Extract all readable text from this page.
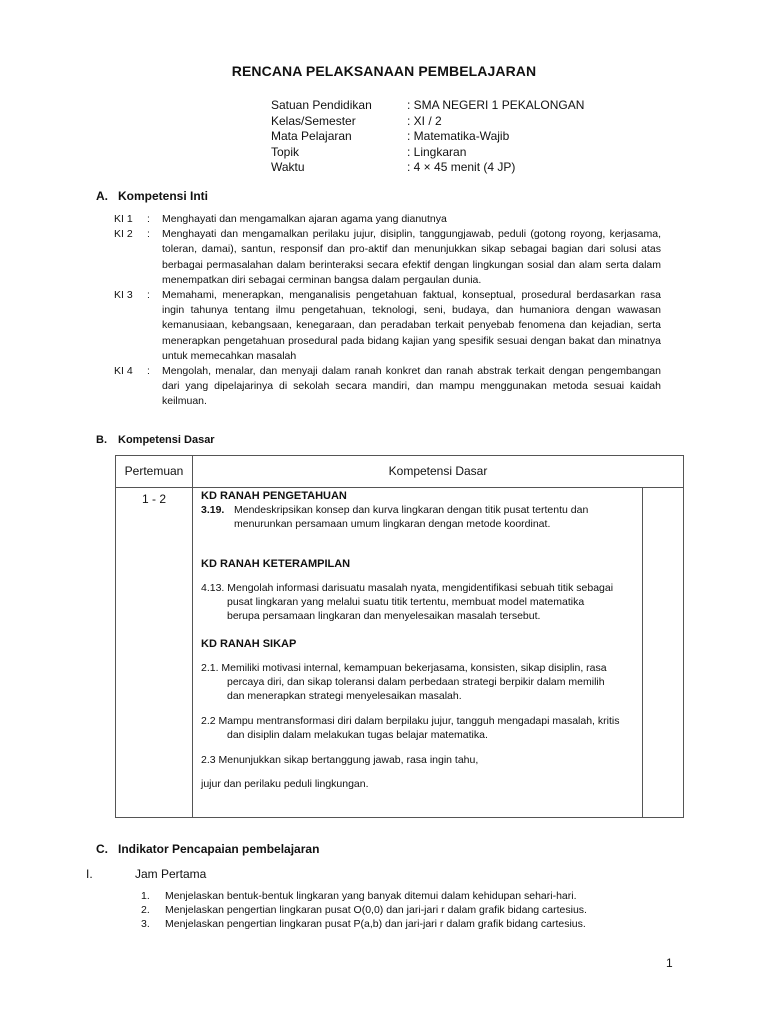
RENCANA PELAKSANAAN PEMBELAJARAN
Satuan Pendidikan	: SMA NEGERI 1 PEKALONGAN
Kelas/Semester	: XI / 2
Mata Pelajaran	: Matematika-Wajib
Topik	: Lingkaran
Waktu	: 4 × 45 menit (4 JP)
A. Kompetensi Inti
KI 1	:	Menghayati dan mengamalkan ajaran agama yang dianutnya
KI 2	:	Menghayati dan mengamalkan perilaku jujur, disiplin, tanggungjawab, peduli (gotong royong, kerjasama, toleran, damai), santun, responsif dan pro-aktif dan menunjukkan sikap sebagai bagian dari solusi atas berbagai permasalahan dalam berinteraksi secara efektif dengan lingkungan sosial dan alam serta dalam menempatkan diri sebagai cerminan bangsa dalam pergaulan dunia.
KI 3	:	Memahami, menerapkan, menganalisis pengetahuan faktual, konseptual, prosedural berdasarkan rasa ingin tahunya tentang ilmu pengetahuan, teknologi, seni, budaya, dan humaniora dengan wawasan kemanusiaan, kebangsaan, kenegaraan, dan peradaban terkait penyebab fenomena dan kejadian, serta menerapkan pengetahuan prosedural pada bidang kajian yang spesifik sesuai dengan bakat dan minatnya untuk memecahkan masalah
KI 4	:	Mengolah, menalar, dan menyaji dalam ranah konkret dan ranah abstrak terkait dengan pengembangan dari yang dipelajarinya di sekolah secara mandiri, dan mampu menggunakan metoda sesuai kaidah keilmuan.
B. Kompetensi Dasar
Pertemuan	Kompetensi Dasar
1 - 2	KD RANAH PENGETAHUAN
3.19. Mendeskripsikan konsep dan kurva lingkaran dengan titik pusat tertentu dan menurunkan persamaan umum lingkaran dengan metode koordinat.
KD RANAH KETERAMPILAN
4.13. Mengolah informasi darisuatu masalah nyata, mengidentifikasi sebuah titik sebagai pusat lingkaran yang melalui suatu titik tertentu, membuat model matematika berupa persamaan lingkaran dan menyelesaikan masalah tersebut.
KD RANAH SIKAP
2.1. Memiliki motivasi internal, kemampuan bekerjasama, konsisten, sikap disiplin, rasa percaya diri, dan sikap toleransi dalam perbedaan strategi berpikir dalam memilih dan menerapkan strategi menyelesaikan masalah.
2.2 Mampu mentransformasi diri dalam berpilaku jujur, tangguh mengadapi masalah, kritis dan disiplin dalam melakukan tugas belajar matematika.
2.3 Menunjukkan sikap bertanggung jawab, rasa ingin tahu,
jujur dan perilaku peduli lingkungan.
C. Indikator Pencapaian pembelajaran
I.	Jam Pertama
1.	Menjelaskan bentuk-bentuk lingkaran yang banyak ditemui dalam kehidupan sehari-hari.
2.	Menjelaskan pengertian lingkaran pusat O(0,0) dan jari-jari r dalam grafik bidang cartesius.
3.	Menjelaskan pengertian lingkaran pusat P(a,b) dan jari-jari r dalam grafik bidang cartesius.
1
